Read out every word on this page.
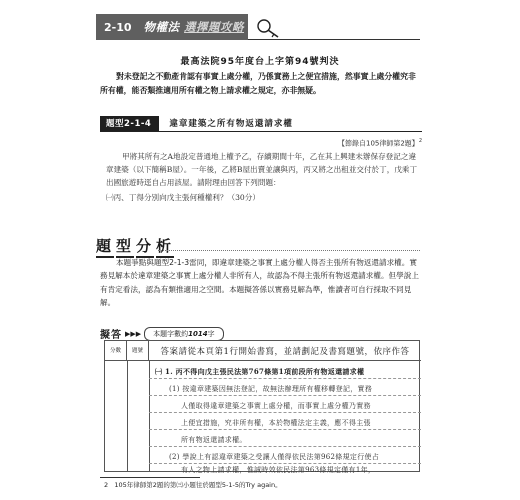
2-10 物權法 選擇題攻略
最高法院95年度台上字第94號判決
對未登記之不動產肯認有事實上處分權，乃係實務上之便宜措施，然事實上處分權究非所有權，能否類推適用所有權之物上請求權之規定，亦非無疑。
題型2-1-4	違章建築之所有物返還請求權
【節錄自105律師第2題】$^2$
甲將其所有之A地設定普通地上權予乙，存續期間十年，乙在其上興建未辦保存登記之違章建築（以下簡稱B屋）。一年後，乙將B屋出賣並讓與丙，丙又將之出租並交付於丁，戊乘丁出國旅遊時逕自占用該屋。請附理由回答下列問題：
㈠丙、丁得分別向戊主張何種權利？（30分）
題 型 分 析
本題爭點與題型2-1-3雷同，即違章建築之事實上處分權人得否主張所有物返還請求權。實務見解本於違章建築之事實上處分權人非所有人，故認為不得主張所有物返還請求權。但學說上有肯定看法，認為有類推適用之空間。本題擬答係以實務見解為準，惟讀者可自行採取不同見解。
擬答 ▶▶▶	本題字數約1014字
分數	題號	答案請從本頁第1行開始書寫，並請劃記及書寫題號，依序作答
㈠ 1. 丙不得向戊主張民法第767條第1項前段所有物返還請求權
(1) 按違章建築因無法登記，故無法辦理所有權移轉登記，實務
人僅取得違章建築之事實上處分權，而事實上處分權乃實務
上便宜措施，究非所有權，本於物權法定主義，應不得主張
所有物返還請求權。
(2) 學說上有認違章建築之受讓人僅得依民法第962條規定行使占
有人之物上請求權，惟誠時效依民法第963條規定僅有1年，
2 105年律師第2題的第㈢小題往於題型5-1-5的Try again。
